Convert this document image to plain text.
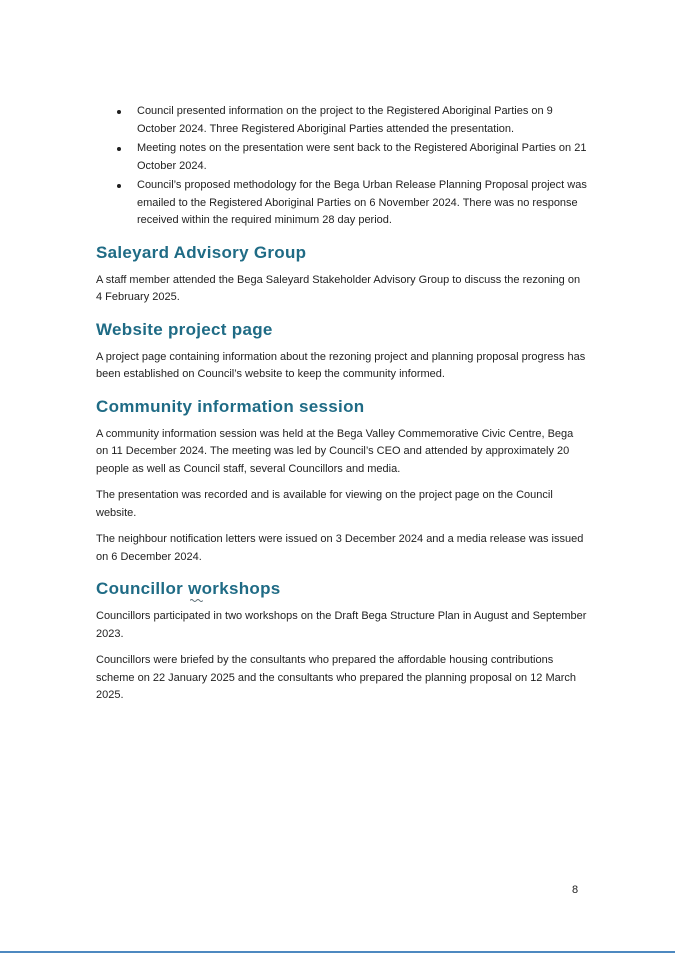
Council presented information on the project to the Registered Aboriginal Parties on 9 October 2024. Three Registered Aboriginal Parties attended the presentation.
Meeting notes on the presentation were sent back to the Registered Aboriginal Parties on 21 October 2024.
Council’s proposed methodology for the Bega Urban Release Planning Proposal project was emailed to the Registered Aboriginal Parties on 6 November 2024. There was no response received within the required minimum 28 day period.
Saleyard Advisory Group

A staff member attended the Bega Saleyard Stakeholder Advisory Group to discuss the rezoning on 4 February 2025.

Website project page

A project page containing information about the rezoning project and planning proposal progress has been established on Council’s website to keep the community informed.

Community information session

A community information session was held at the Bega Valley Commemorative Civic Centre, Bega on 11 December 2024. The meeting was led by Council’s CEO and attended by approximately 20 people as well as Council staff, several Councillors and media.

The presentation was recorded and is available for viewing on the project page on the Council website.

The neighbour notification letters were issued on 3 December 2024 and a media release was issued on 6 December 2024.

Councillor workshops

Councillors participated in two workshops on the Draft Bega Structure Plan in August and September 2023.

Councillors were briefed by the consultants who prepared the affordable housing contributions scheme on 22 January 2025 and the consultants who prepared the planning proposal on 12 March 2025.

8
